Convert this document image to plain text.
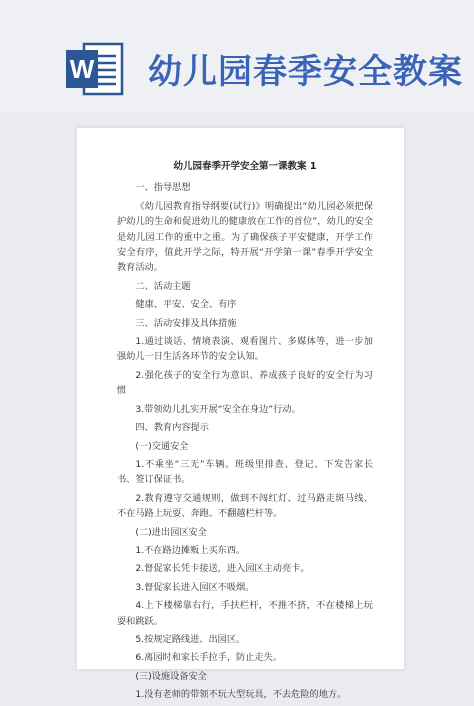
W 幼儿园春季安全教案
幼儿园春季开学安全第一课教案 1
一、指导思想
《幼儿园教育指导纲要(试行)》明确提出“幼儿园必须把保护幼儿的生命和促进幼儿的健康放在工作的首位”，幼儿的安全是幼儿园工作的重中之重。为了确保孩子平安健康，开学工作安全有序，值此开学之际，特开展“开学第一课”春季开学安全教育活动。
二、活动主题
健康、平安、安全、有序
三、活动安排及具体措施
1.通过谈话、情境表演、观看图片、多媒体等，进一步加强幼儿一日生活各环节的安全认知。
2.强化孩子的安全行为意识、养成孩子良好的安全行为习惯
3.带领幼儿扎实开展“安全在身边”行动。
四、教育内容提示
(一)交通安全
1.不乘坐“三无”车辆。班级里排查、登记、下发告家长书、签订保证书。
2.教育遵守交通规则，做到不闯红灯、过马路走斑马线、不在马路上玩耍、奔跑、不翻越栏杆等。
(二)进出园区安全
1.不在路边摊贩上买东西。
2.督促家长凭卡接送，进入园区主动亮卡。
3.督促家长进入园区不吸烟。
4.上下楼梯靠右行，手扶栏杆，不推不挤，不在楼梯上玩耍和跳跃。
5.按规定路线进、出园区。
6.离园时和家长手拉手，防止走失。
(三)设施设备安全
1.没有老师的带领不玩大型玩具，不去危险的地方。
